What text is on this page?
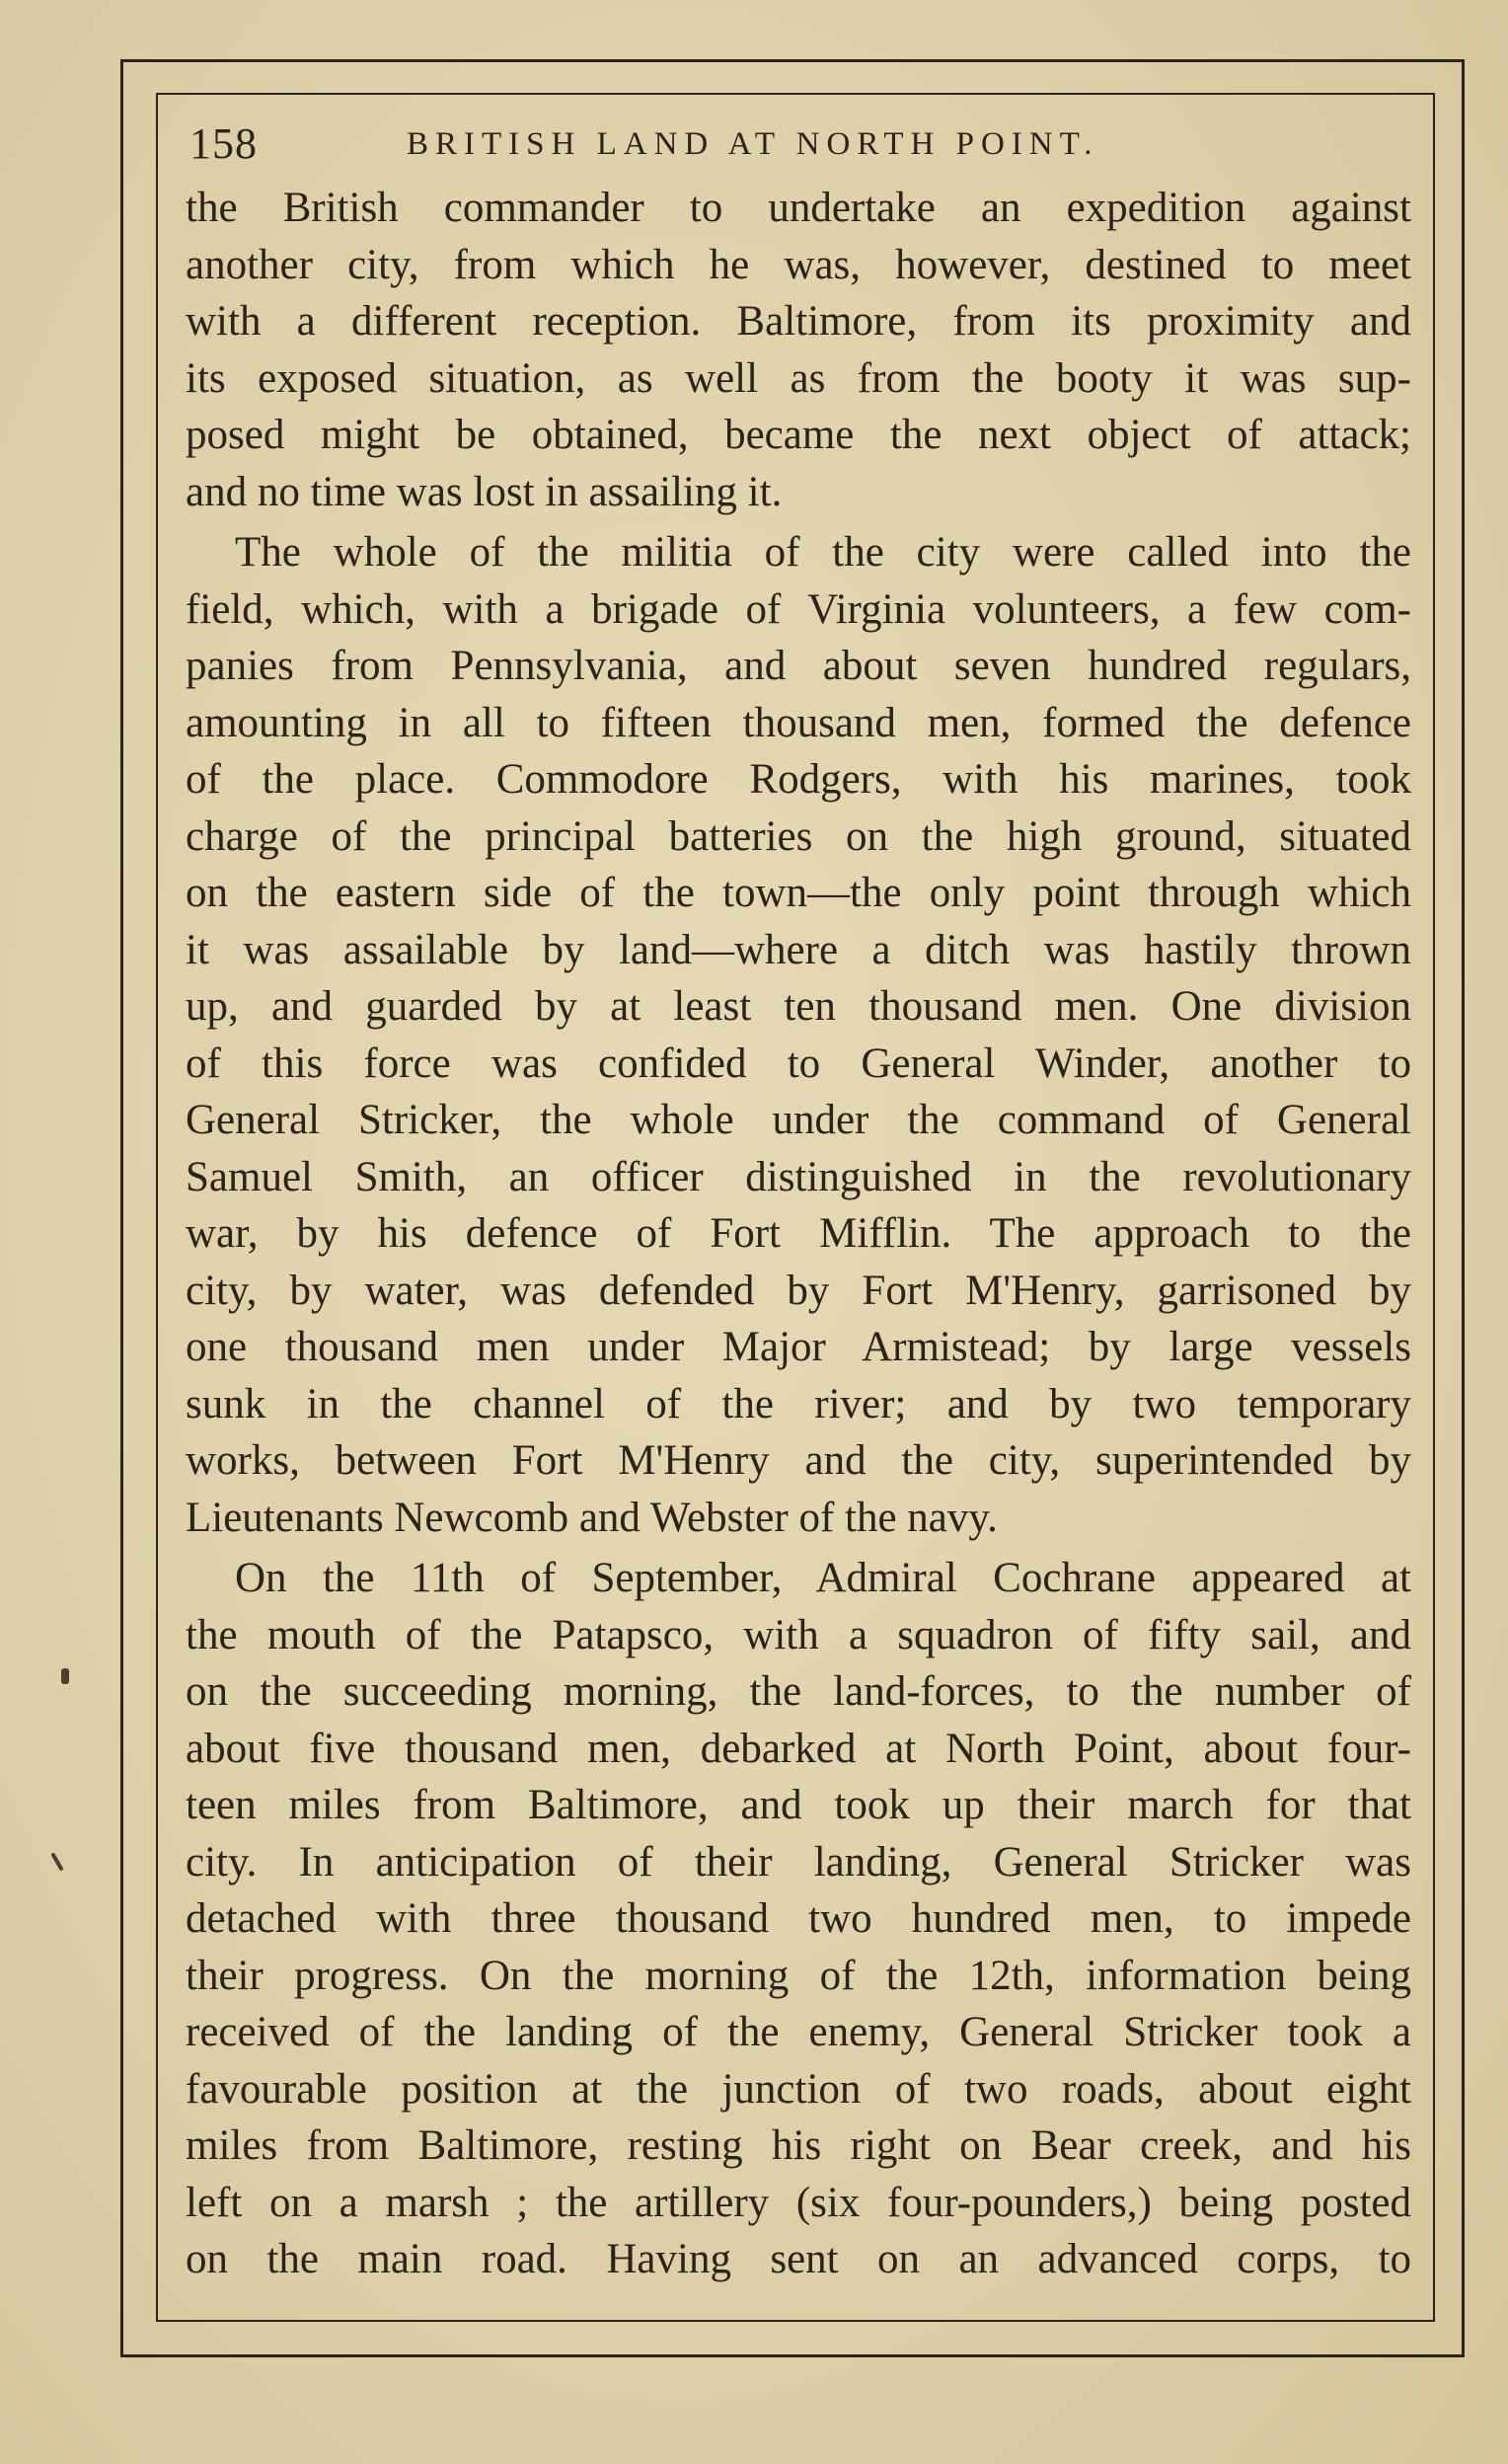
158	BRITISH LAND AT NORTH POINT.
the British commander to undertake an expedition against
another city, from which he was, however, destined to meet
with a different reception. Baltimore, from its proximity and
its exposed situation, as well as from the booty it was sup-
posed might be obtained, became the next object of attack;
and no time was lost in assailing it.
The whole of the militia of the city were called into the
field, which, with a brigade of Virginia volunteers, a few com-
panies from Pennsylvania, and about seven hundred regulars,
amounting in all to fifteen thousand men, formed the defence
of the place. Commodore Rodgers, with his marines, took
charge of the principal batteries on the high ground, situated
on the eastern side of the town—the only point through which
it was assailable by land—where a ditch was hastily thrown
up, and guarded by at least ten thousand men. One division
of this force was confided to General Winder, another to
General Stricker, the whole under the command of General
Samuel Smith, an officer distinguished in the revolutionary
war, by his defence of Fort Mifflin. The approach to the
city, by water, was defended by Fort M'Henry, garrisoned by
one thousand men under Major Armistead; by large vessels
sunk in the channel of the river; and by two temporary
works, between Fort M'Henry and the city, superintended by
Lieutenants Newcomb and Webster of the navy.
On the 11th of September, Admiral Cochrane appeared at
the mouth of the Patapsco, with a squadron of fifty sail, and
on the succeeding morning, the land-forces, to the number of
about five thousand men, debarked at North Point, about four-
teen miles from Baltimore, and took up their march for that
city. In anticipation of their landing, General Stricker was
detached with three thousand two hundred men, to impede
their progress. On the morning of the 12th, information being
received of the landing of the enemy, General Stricker took a
favourable position at the junction of two roads, about eight
miles from Baltimore, resting his right on Bear creek, and his
left on a marsh ; the artillery (six four-pounders,) being posted
on the main road. Having sent on an advanced corps, to
